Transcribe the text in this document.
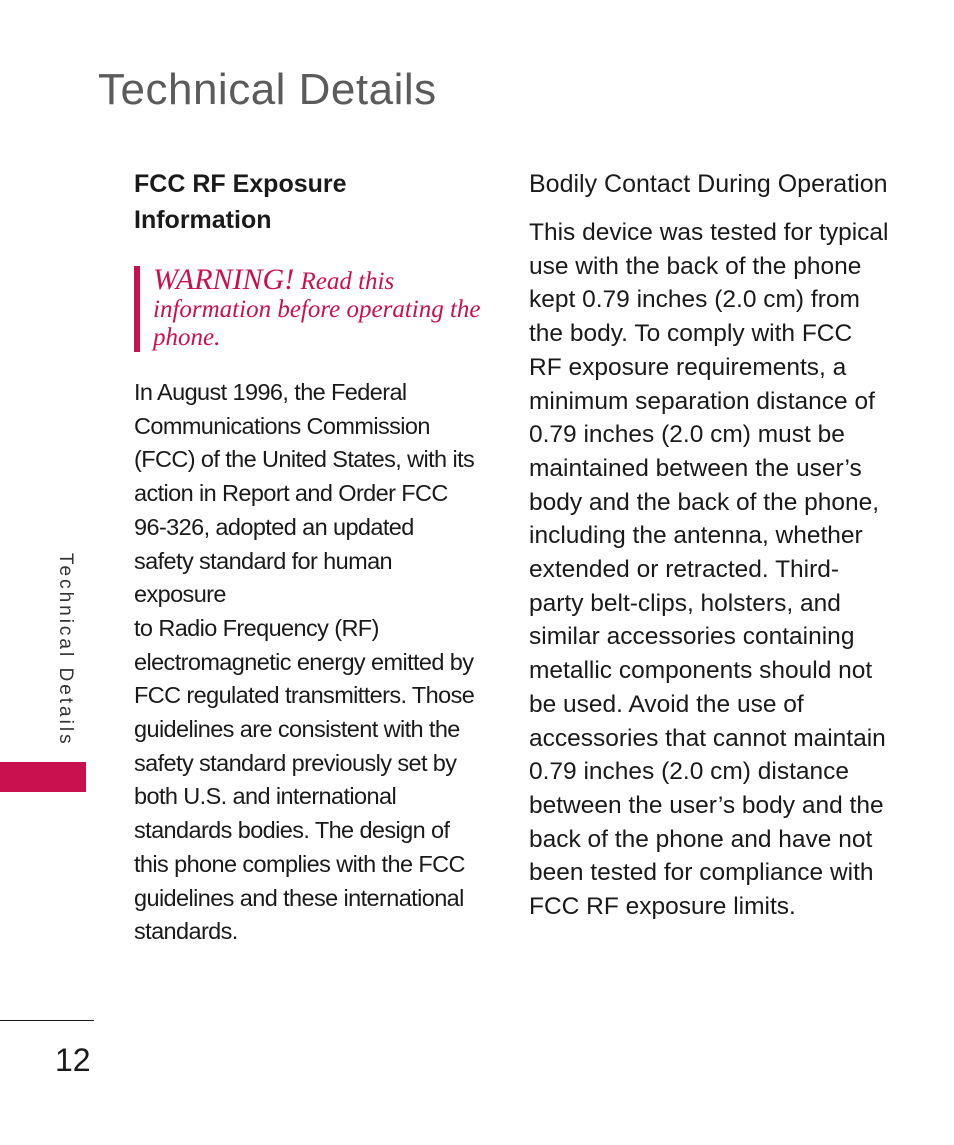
Technical Details
FCC RF Exposure Information
WARNING! Read this information before operating the phone.
In August 1996, the Federal
Communications Commission
(FCC) of the United States, with its
action in Report and Order FCC
96-326, adopted an updated
safety standard for human exposure
to Radio Frequency (RF)
electromagnetic energy emitted by
FCC regulated transmitters. Those
guidelines are consistent with the
safety standard previously set by
both U.S. and international
standards bodies. The design of
this phone complies with the FCC
guidelines and these international
standards.
Bodily Contact During Operation
This device was tested for typical
use with the back of the phone
kept 0.79 inches (2.0 cm) from
the body. To comply with FCC
RF exposure requirements, a
minimum separation distance of
0.79 inches (2.0 cm) must be
maintained between the user’s
body and the back of the phone,
including the antenna, whether
extended or retracted. Third-
party belt-clips, holsters, and
similar accessories containing
metallic components should not
be used. Avoid the use of
accessories that cannot maintain
0.79 inches (2.0 cm) distance
between the user’s body and the
back of the phone and have not
been tested for compliance with
FCC RF exposure limits.
Technical Details
12
